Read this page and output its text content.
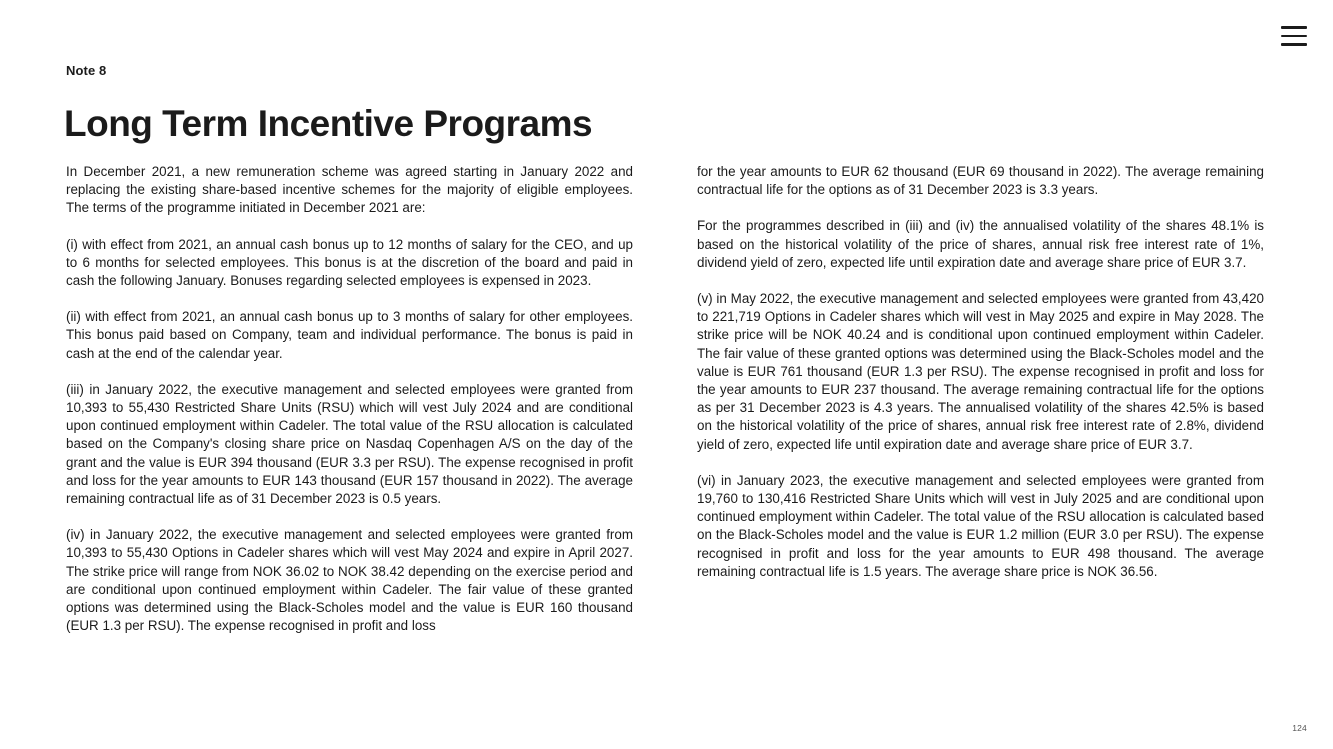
Note 8
Long Term Incentive Programs

In December 2021, a new remuneration scheme was agreed starting in January 2022 and replacing the existing share-based incentive schemes for the majority of eligible employees. The terms of the programme initiated in December 2021 are:

(i) with effect from 2021, an annual cash bonus up to 12 months of salary for the CEO, and up to 6 months for selected employees. This bonus is at the discretion of the board and paid in cash the following January. Bonuses regarding selected employees is expensed in 2023.

(ii) with effect from 2021, an annual cash bonus up to 3 months of salary for other employees. This bonus paid based on Company, team and individual performance. The bonus is paid in cash at the end of the calendar year.

(iii) in January 2022, the executive management and selected employees were granted from 10,393 to 55,430 Restricted Share Units (RSU) which will vest July 2024 and are conditional upon continued employment within Cadeler. The total value of the RSU allocation is calculated based on the Company's closing share price on Nasdaq Copenhagen A/S on the day of the grant and the value is EUR 394 thousand (EUR 3.3 per RSU). The expense recognised in profit and loss for the year amounts to EUR 143 thousand (EUR 157 thousand in 2022). The average remaining contractual life as of 31 December 2023 is 0.5 years.

(iv) in January 2022, the executive management and selected employees were granted from 10,393 to 55,430 Options in Cadeler shares which will vest May 2024 and expire in April 2027. The strike price will range from NOK 36.02 to NOK 38.42 depending on the exercise period and are conditional upon continued employment within Cadeler. The fair value of these granted options was determined using the Black-Scholes model and the value is EUR 160 thousand (EUR 1.3 per RSU). The expense recognised in profit and loss

for the year amounts to EUR 62 thousand (EUR 69 thousand in 2022). The average remaining contractual life for the options as of 31 December 2023 is 3.3 years.

For the programmes described in (iii) and (iv) the annualised volatility of the shares 48.1% is based on the historical volatility of the price of shares, annual risk free interest rate of 1%, dividend yield of zero, expected life until expiration date and average share price of EUR 3.7.

(v) in May 2022, the executive management and selected employees were granted from 43,420 to 221,719 Options in Cadeler shares which will vest in May 2025 and expire in May 2028. The strike price will be NOK 40.24 and is conditional upon continued employment within Cadeler. The fair value of these granted options was determined using the Black-Scholes model and the value is EUR 761 thousand (EUR 1.3 per RSU). The expense recognised in profit and loss for the year amounts to EUR 237 thousand. The average remaining contractual life for the options as per 31 December 2023 is 4.3 years. The annualised volatility of the shares 42.5% is based on the historical volatility of the price of shares, annual risk free interest rate of 2.8%, dividend yield of zero, expected life until expiration date and average share price of EUR 3.7.

(vi) in January 2023, the executive management and selected employees were granted from 19,760 to 130,416 Restricted Share Units which will vest in July 2025 and are conditional upon continued employment within Cadeler. The total value of the RSU allocation is calculated based on the Black-Scholes model and the value is EUR 1.2 million (EUR 3.0 per RSU). The expense recognised in profit and loss for the year amounts to EUR 498 thousand. The average remaining contractual life is 1.5 years. The average share price is NOK 36.56.

124
